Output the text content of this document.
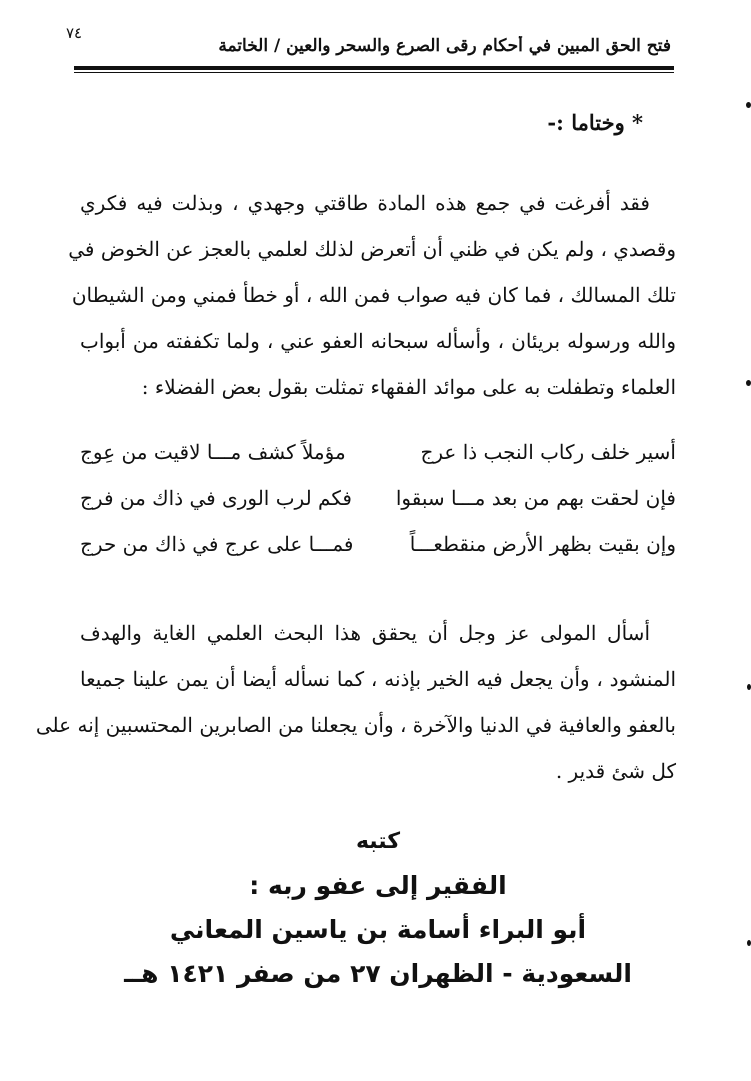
٧٤
فتح الحق المبين في أحكام رقى الصرع والسحر والعين / الخاتمة
* وختاما :-
فقد أفرغت في جمع هذه المادة طاقتي وجهدي ، وبذلت فيه فكري
وقصدي ، ولم يكن في ظني أن أتعرض لذلك لعلمي بالعجز عن الخوض في
تلك المسالك ، فما كان فيه صواب فمن الله ، أو خطأ فمني ومن الشيطان
والله ورسوله بريئان ، وأسأله سبحانه العفو عني ، ولما تكففته من أبواب
العلماء وتطفلت به على موائد الفقهاء تمثلت بقول بعض الفضلاء :
أسير خلف ركاب النجب ذا عرج
مؤملاً كشف مـــا لاقيت من عِوج
فإن لحقت بهم من بعد مـــا سبقوا
فكم لرب الورى في ذاك من فرج
وإن بقيت بظهر الأرض منقطعـــاً
فمـــا على عرج في ذاك من حرج
أسأل المولى عز وجل أن يحقق هذا البحث العلمي الغاية والهدف
المنشود ، وأن يجعل فيه الخير بإذنه ، كما نسأله أيضا أن يمن علينا جميعا
بالعفو والعافية في الدنيا والآخرة ، وأن يجعلنا من الصابرين المحتسبين إنه على
كل شئ قدير .
كتبه
الفقير إلى عفو ربه :
أبو البراء أسامة بن ياسين المعاني
السعودية - الظهران ٢٧ من صفر ١٤٢١ هــ
